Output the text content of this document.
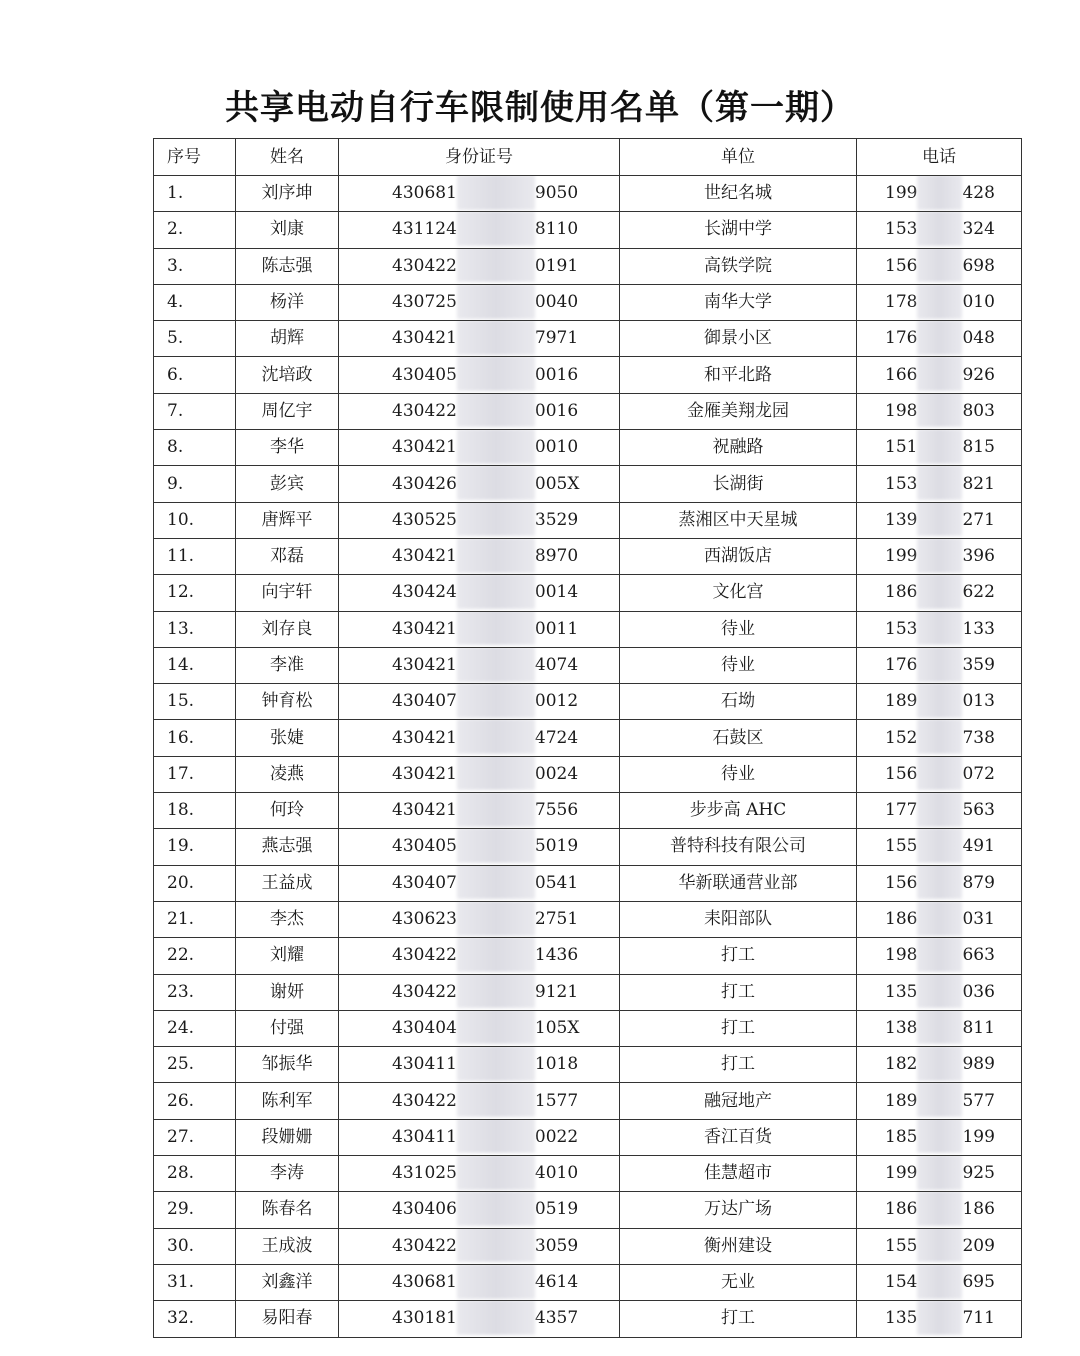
共享电动自行车限制使用名单（第一期）
序号	姓名	身份证号	单位	电话
1.	刘序坤	430681 9050	世纪名城	199 428
2.	刘康	431124 8110	长湖中学	153 324
3.	陈志强	430422 0191	高铁学院	156 698
4.	杨洋	430725 0040	南华大学	178 010
5.	胡辉	430421 7971	御景小区	176 048
6.	沈培政	430405 0016	和平北路	166 926
7.	周亿宇	430422 0016	金雁美翔龙园	198 803
8.	李华	430421 0010	祝融路	151 815
9.	彭宾	430426 005X	长湖街	153 821
10.	唐辉平	430525 3529	蒸湘区中天星城	139 271
11.	邓磊	430421 8970	西湖饭店	199 396
12.	向宇轩	430424 0014	文化宫	186 622
13.	刘存良	430421 0011	待业	153 133
14.	李准	430421 4074	待业	176 359
15.	钟育松	430407 0012	石坳	189 013
16.	张婕	430421 4724	石鼓区	152 738
17.	凌燕	430421 0024	待业	156 072
18.	何玲	430421 7556	步步高 AHC	177 563
19.	燕志强	430405 5019	普特科技有限公司	155 491
20.	王益成	430407 0541	华新联通营业部	156 879
21.	李杰	430623 2751	耒阳部队	186 031
22.	刘耀	430422 1436	打工	198 663
23.	谢妍	430422 9121	打工	135 036
24.	付强	430404 105X	打工	138 811
25.	邹振华	430411 1018	打工	182 989
26.	陈利军	430422 1577	融冠地产	189 577
27.	段姗姗	430411 0022	香江百货	185 199
28.	李涛	431025 4010	佳慧超市	199 925
29.	陈春名	430406 0519	万达广场	186 186
30.	王成波	430422 3059	衡州建设	155 209
31.	刘鑫洋	430681 4614	无业	154 695
32.	易阳春	430181 4357	打工	135 711
